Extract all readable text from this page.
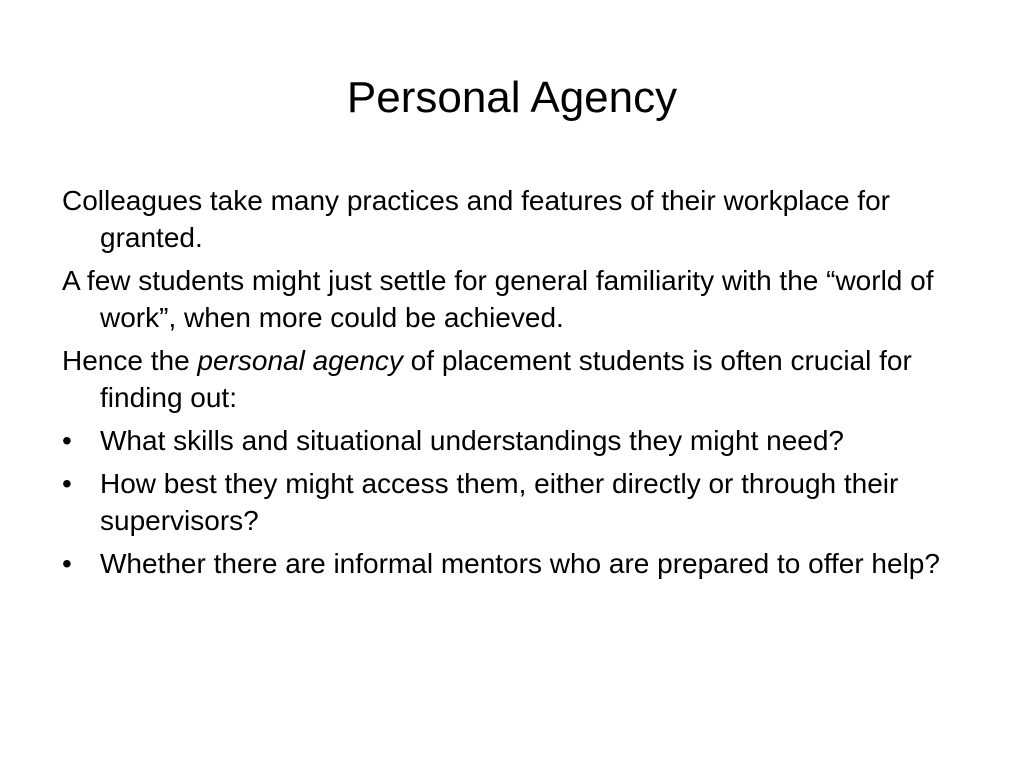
Personal Agency

Colleagues take many practices and features of their workplace for granted.

A few students might just settle for general familiarity with the “world of work”, when more could be achieved.

Hence the personal agency of placement students is often crucial for finding out:

•	What skills and situational understandings they might need?
•	How best they might access them, either directly or through their supervisors?
•	Whether there are informal mentors who are prepared to offer help?
